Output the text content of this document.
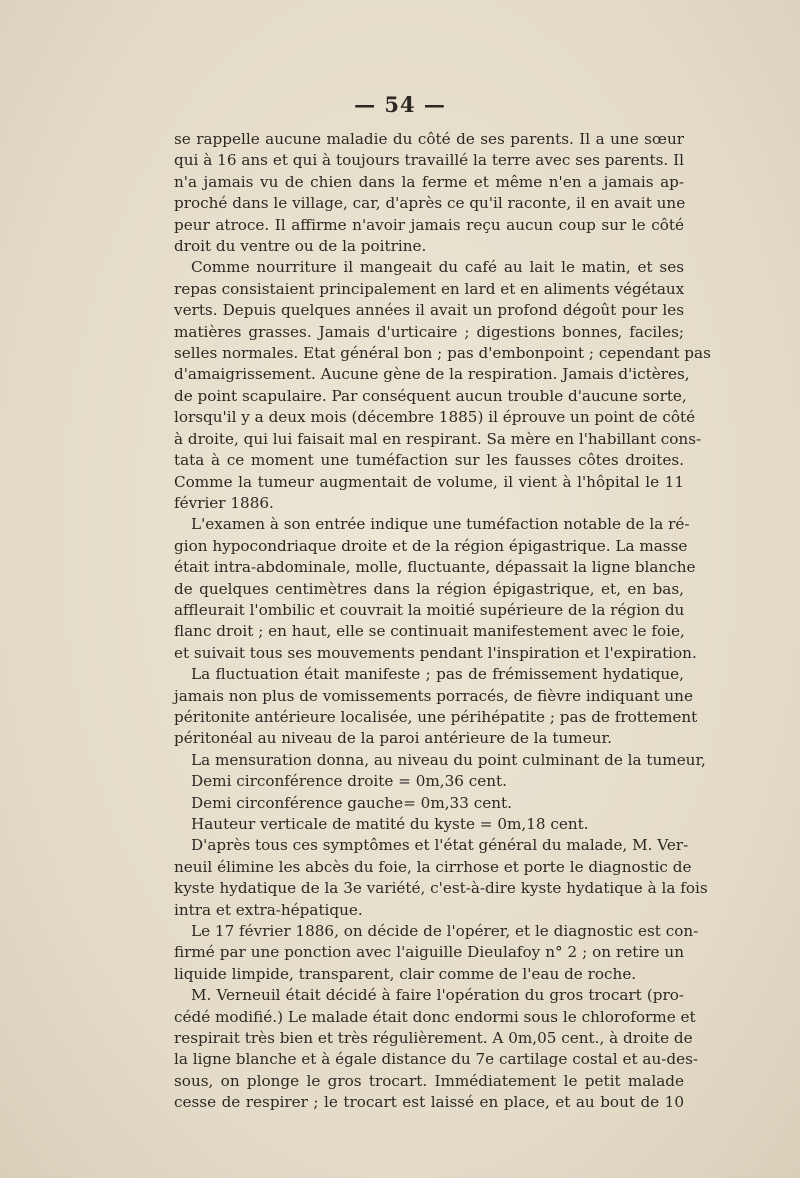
— 54 —
se rappelle aucune maladie du côté de ses parents. Il a une sœur
qui à 16 ans et qui à toujours travaillé la terre avec ses parents. Il
n'a jamais vu de chien dans la ferme et même n'en a jamais ap-
proché dans le village, car, d'après ce qu'il raconte, il en avait une
peur atroce. Il affirme n'avoir jamais reçu aucun coup sur le côté
droit du ventre ou de la poitrine.
Comme nourriture il mangeait du café au lait le matin, et ses
repas consistaient principalement en lard et en aliments végétaux
verts. Depuis quelques années il avait un profond dégoût pour les
matières grasses. Jamais d'urticaire ; digestions bonnes, faciles;
selles normales. Etat général bon ; pas d'embonpoint ; cependant pas
d'amaigrissement. Aucune gène de la respiration. Jamais d'ictères,
de point scapulaire. Par conséquent aucun trouble d'aucune sorte,
lorsqu'il y a deux mois (décembre 1885) il éprouve un point de côté
à droite, qui lui faisait mal en respirant. Sa mère en l'habillant cons-
tata à ce moment une tuméfaction sur les fausses côtes droites.
Comme la tumeur augmentait de volume, il vient à l'hôpital le 11
février 1886.
L'examen à son entrée indique une tuméfaction notable de la ré-
gion hypocondriaque droite et de la région épigastrique. La masse
était intra-abdominale, molle, fluctuante, dépassait la ligne blanche
de quelques centimètres dans la région épigastrique, et, en bas,
affleurait l'ombilic et couvrait la moitié supérieure de la région du
flanc droit ; en haut, elle se continuait manifestement avec le foie,
et suivait tous ses mouvements pendant l'inspiration et l'expiration.
La fluctuation était manifeste ; pas de frémissement hydatique,
jamais non plus de vomissements porracés, de fièvre indiquant une
péritonite antérieure localisée, une périhépatite ; pas de frottement
péritonéal au niveau de la paroi antérieure de la tumeur.
La mensuration donna, au niveau du point culminant de la tumeur,
Demi circonférence droite = 0m,36 cent.
Demi circonférence gauche= 0m,33 cent.
Hauteur verticale de matité du kyste = 0m,18 cent.
D'après tous ces symptômes et l'état général du malade, M. Ver-
neuil élimine les abcès du foie, la cirrhose et porte le diagnostic de
kyste hydatique de la 3e variété, c'est-à-dire kyste hydatique à la fois
intra et extra-hépatique.
Le 17 février 1886, on décide de l'opérer, et le diagnostic est con-
firmé par une ponction avec l'aiguille Dieulafoy n° 2 ; on retire un
liquide limpide, transparent, clair comme de l'eau de roche.
M. Verneuil était décidé à faire l'opération du gros trocart (pro-
cédé modifié.) Le malade était donc endormi sous le chloroforme et
respirait très bien et très régulièrement. A 0m,05 cent., à droite de
la ligne blanche et à égale distance du 7e cartilage costal et au-des-
sous, on plonge le gros trocart. Immédiatement le petit malade
cesse de respirer ; le trocart est laissé en place, et au bout de 10
